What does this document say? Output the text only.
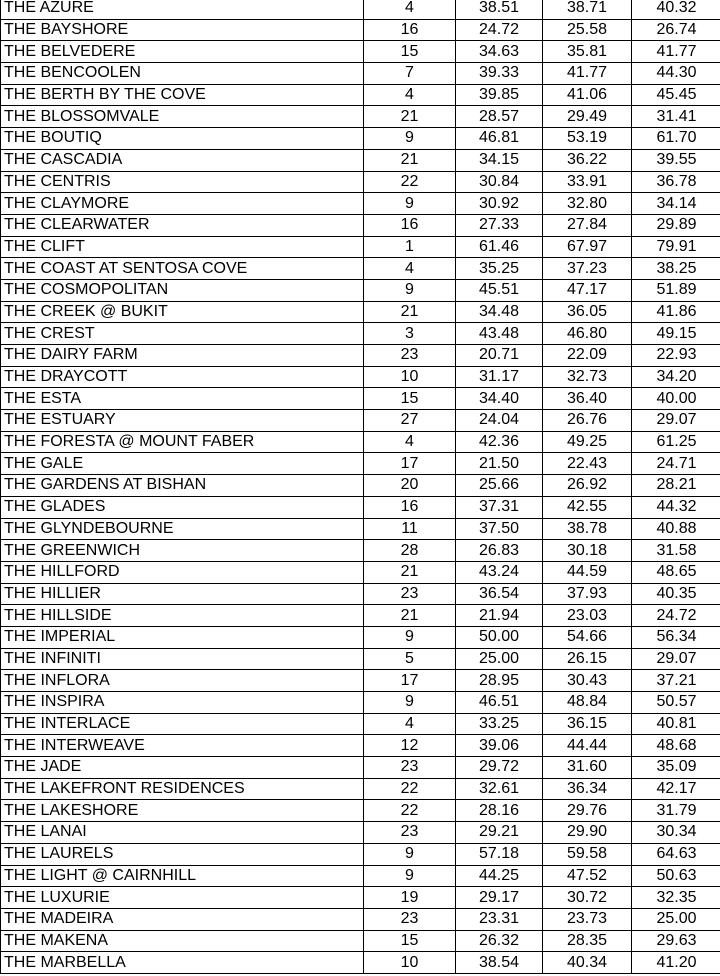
THE AZURE	4	38.51	38.71	40.32
THE BAYSHORE	16	24.72	25.58	26.74
THE BELVEDERE	15	34.63	35.81	41.77
THE BENCOOLEN	7	39.33	41.77	44.30
THE BERTH BY THE COVE	4	39.85	41.06	45.45
THE BLOSSOMVALE	21	28.57	29.49	31.41
THE BOUTIQ	9	46.81	53.19	61.70
THE CASCADIA	21	34.15	36.22	39.55
THE CENTRIS	22	30.84	33.91	36.78
THE CLAYMORE	9	30.92	32.80	34.14
THE CLEARWATER	16	27.33	27.84	29.89
THE CLIFT	1	61.46	67.97	79.91
THE COAST AT SENTOSA COVE	4	35.25	37.23	38.25
THE COSMOPOLITAN	9	45.51	47.17	51.89
THE CREEK @ BUKIT	21	34.48	36.05	41.86
THE CREST	3	43.48	46.80	49.15
THE DAIRY FARM	23	20.71	22.09	22.93
THE DRAYCOTT	10	31.17	32.73	34.20
THE ESTA	15	34.40	36.40	40.00
THE ESTUARY	27	24.04	26.76	29.07
THE FORESTA @ MOUNT FABER	4	42.36	49.25	61.25
THE GALE	17	21.50	22.43	24.71
THE GARDENS AT BISHAN	20	25.66	26.92	28.21
THE GLADES	16	37.31	42.55	44.32
THE GLYNDEBOURNE	11	37.50	38.78	40.88
THE GREENWICH	28	26.83	30.18	31.58
THE HILLFORD	21	43.24	44.59	48.65
THE HILLIER	23	36.54	37.93	40.35
THE HILLSIDE	21	21.94	23.03	24.72
THE IMPERIAL	9	50.00	54.66	56.34
THE INFINITI	5	25.00	26.15	29.07
THE INFLORA	17	28.95	30.43	37.21
THE INSPIRA	9	46.51	48.84	50.57
THE INTERLACE	4	33.25	36.15	40.81
THE INTERWEAVE	12	39.06	44.44	48.68
THE JADE	23	29.72	31.60	35.09
THE LAKEFRONT RESIDENCES	22	32.61	36.34	42.17
THE LAKESHORE	22	28.16	29.76	31.79
THE LANAI	23	29.21	29.90	30.34
THE LAURELS	9	57.18	59.58	64.63
THE LIGHT @ CAIRNHILL	9	44.25	47.52	50.63
THE LUXURIE	19	29.17	30.72	32.35
THE MADEIRA	23	23.31	23.73	25.00
THE MAKENA	15	26.32	28.35	29.63
THE MARBELLA	10	38.54	40.34	41.20
